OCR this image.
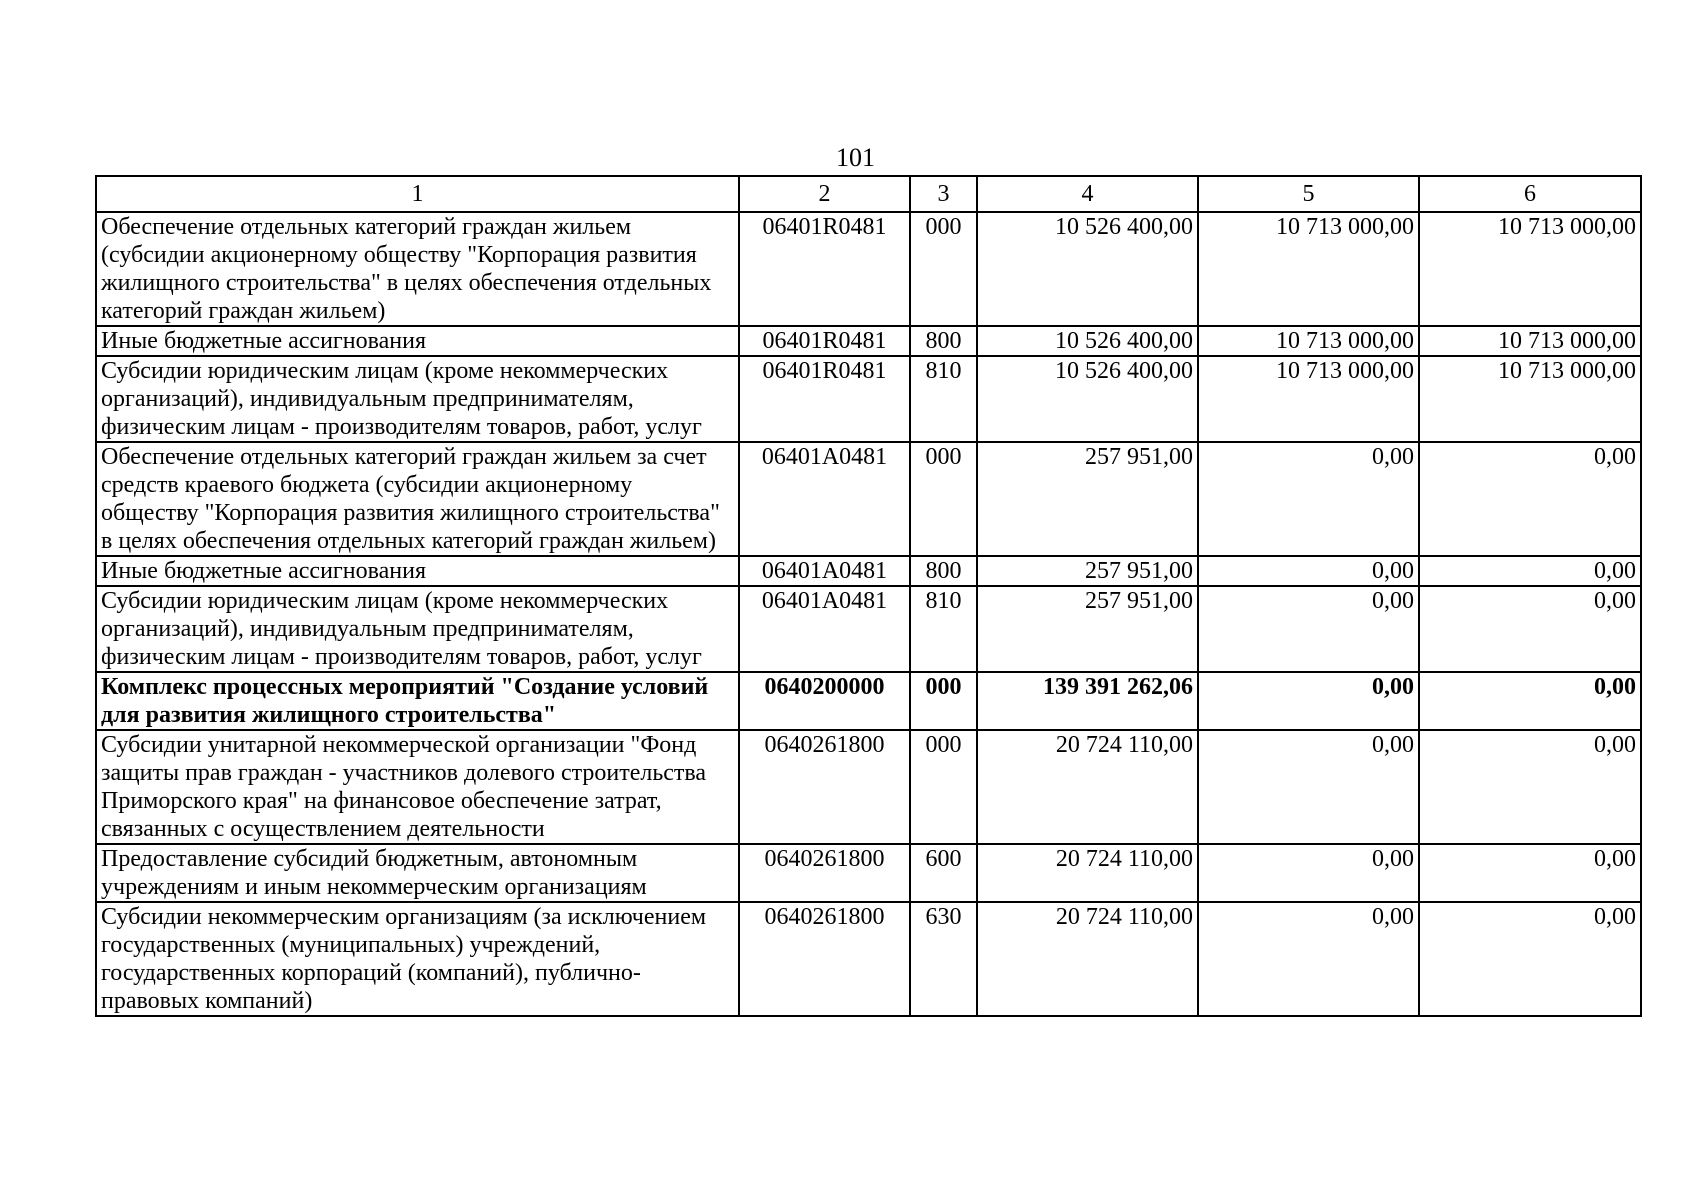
101
1	2	3	4	5	6
Обеспечение отдельных категорий граждан жильем (субсидии акционерному обществу "Корпорация развития жилищного строительства" в целях обеспечения отдельных категорий граждан жильем)	06401R0481	000	10 526 400,00	10 713 000,00	10 713 000,00
Иные бюджетные ассигнования	06401R0481	800	10 526 400,00	10 713 000,00	10 713 000,00
Субсидии юридическим лицам (кроме некоммерческих организаций), индивидуальным предпринимателям, физическим лицам - производителям товаров, работ, услуг	06401R0481	810	10 526 400,00	10 713 000,00	10 713 000,00
Обеспечение отдельных категорий граждан жильем за счет средств краевого бюджета (субсидии акционерному обществу "Корпорация развития жилищного строительства" в целях обеспечения отдельных категорий граждан жильем)	06401А0481	000	257 951,00	0,00	0,00
Иные бюджетные ассигнования	06401А0481	800	257 951,00	0,00	0,00
Субсидии юридическим лицам (кроме некоммерческих организаций), индивидуальным предпринимателям, физическим лицам - производителям товаров, работ, услуг	06401А0481	810	257 951,00	0,00	0,00
Комплекс процессных мероприятий "Создание условий для развития жилищного строительства"	0640200000	000	139 391 262,06	0,00	0,00
Субсидии унитарной некоммерческой организации "Фонд защиты прав граждан - участников долевого строительства Приморского края" на финансовое обеспечение затрат, связанных с осуществлением деятельности	0640261800	000	20 724 110,00	0,00	0,00
Предоставление субсидий бюджетным, автономным учреждениям и иным некоммерческим организациям	0640261800	600	20 724 110,00	0,00	0,00
Субсидии некоммерческим организациям (за исключением государственных (муниципальных) учреждений, государственных корпораций (компаний), публично-правовых компаний)	0640261800	630	20 724 110,00	0,00	0,00
